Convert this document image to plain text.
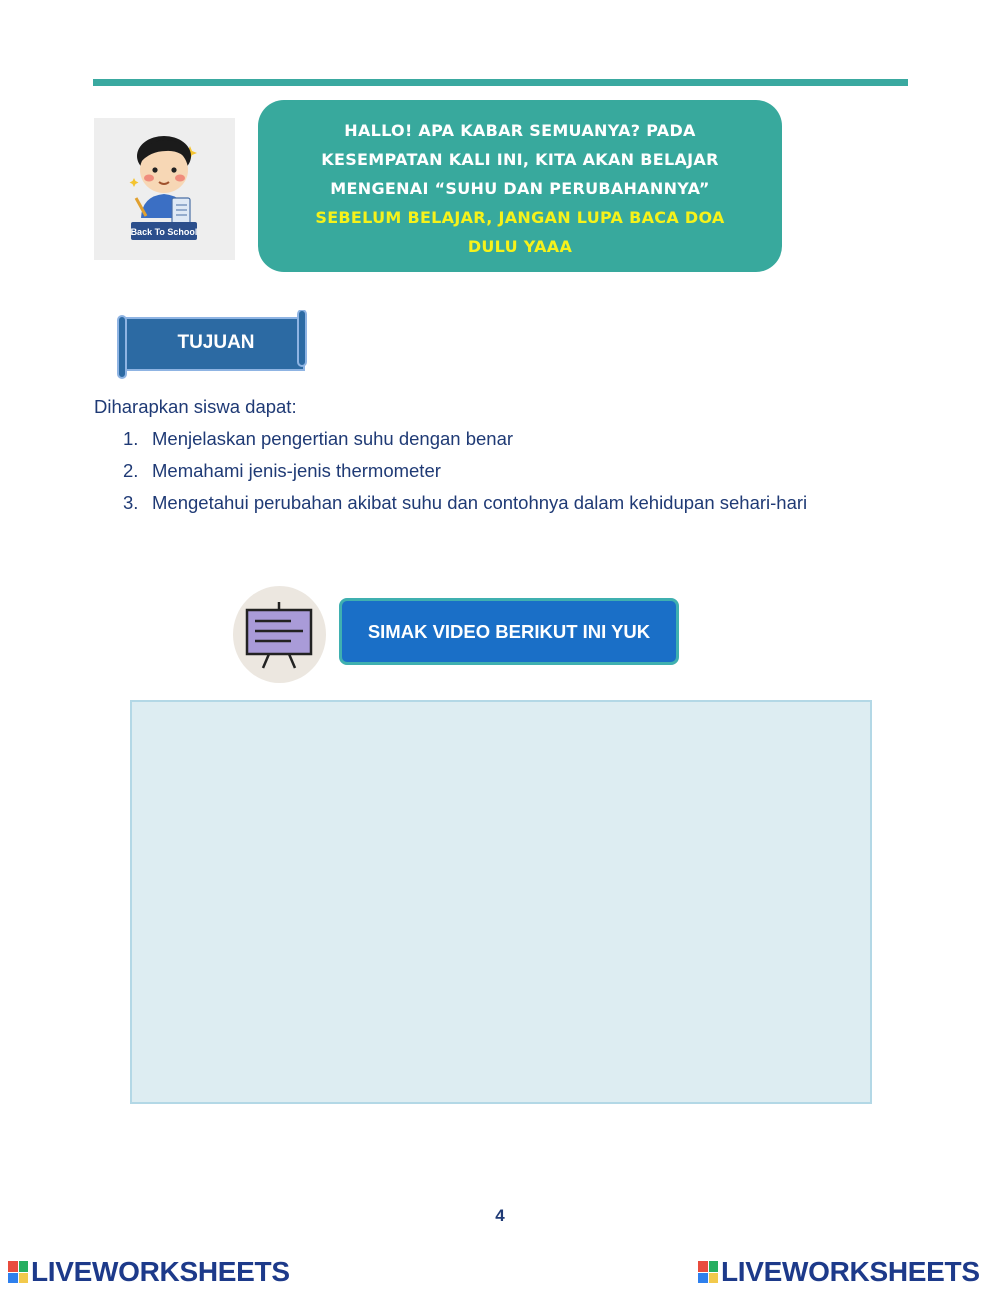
Back To School
HALLO! APA KABAR SEMUANYA? PADA
KESEMPATAN KALI INI, KITA AKAN BELAJAR
MENGENAI “SUHU DAN PERUBAHANNYA”
SEBELUM BELAJAR, JANGAN LUPA BACA DOA
DULU YAAA
TUJUAN
Diharapkan siswa dapat:
1. Menjelaskan pengertian suhu dengan benar
2. Memahami jenis-jenis thermometer
3. Mengetahui perubahan akibat suhu dan contohnya dalam kehidupan sehari-hari
SIMAK VIDEO BERIKUT INI YUK
4
LIVEWORKSHEETS	LIVEWORKSHEETS
